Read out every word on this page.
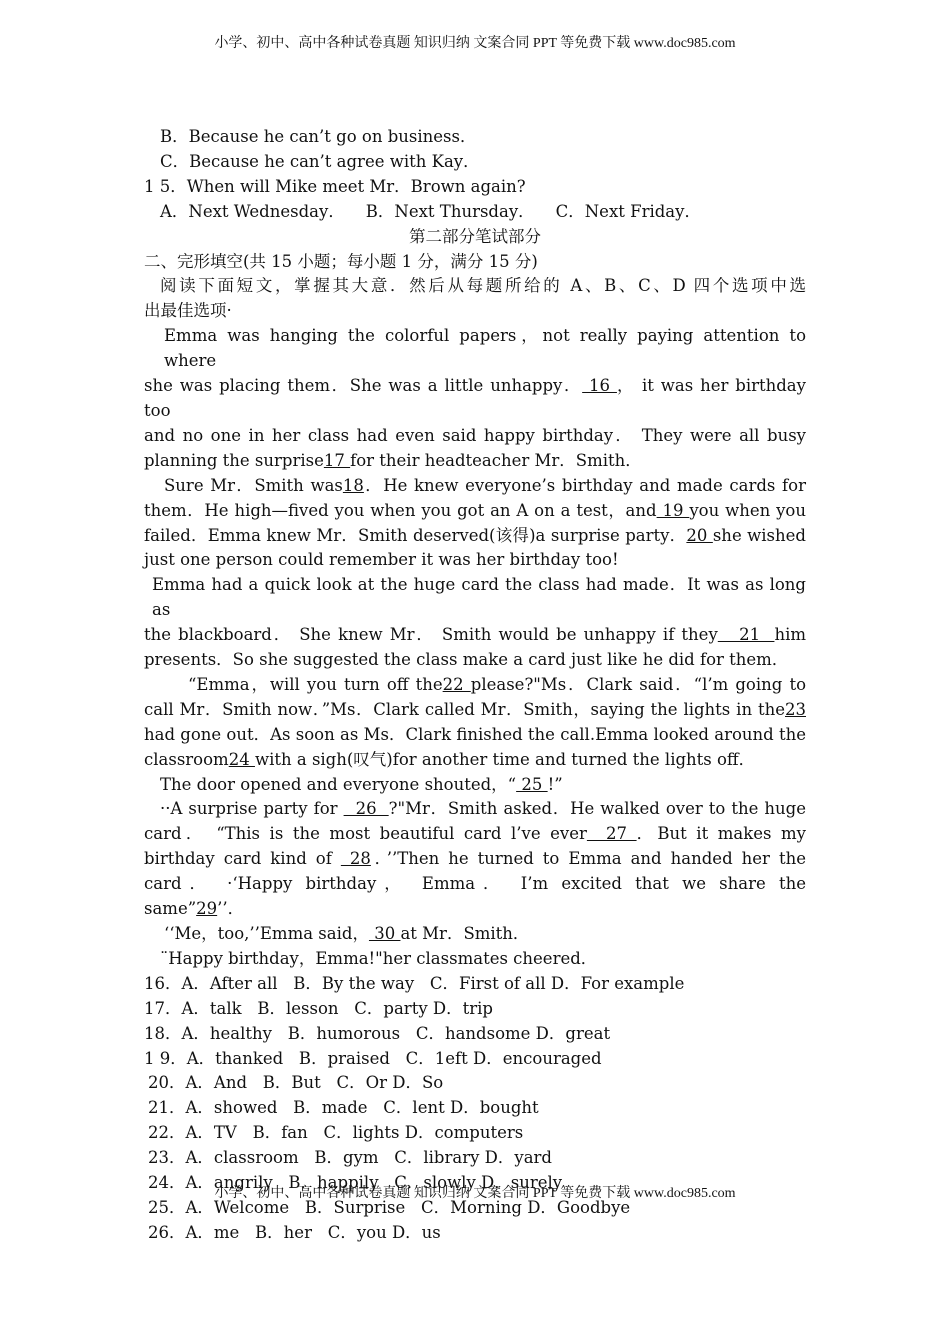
小学、初中、高中各种试卷真题 知识归纳 文案合同 PPT 等免费下载 www.doc985.com

B．Because he can’t go on business．

C．Because he can’t agree with Kay．

1 5．When will Mike meet Mr．Brown again?

A．Next Wednesday．    B．Next Thursday．    C．Next Friday．

第二部分笔试部分

二、完形填空(共 15 小题；每小题 1 分，满分 15 分)

阅读下面短文，掌握其大意．然后从每题所给的 A、B、C、D 四个选项中选

出最佳选项·

Emma was hanging the colorful papers，not really paying attention to where

she was placing them．She was a little unhappy． 16 ， it was her birthday too

and no one in her class had even said happy birthday． They were all busy

planning the surprise17 for their headteacher Mr．Smith．

Sure Mr．Smith was18．He knew everyone’s birthday and made cards for

them．He high—fived you when you got an A on a test，and 19 you when you

failed．Emma knew Mr．Smith deserved(该得)a surprise party．20 she wished

just one person could remember it was her birthday too!

Emma had a quick look at the huge card the class had made．It was as long as

the blackboard． She knew Mr． Smith would be unhappy if they   21  him

presents．So she suggested the class make a card just like he did for them．

“Emma，will you turn off the22 please?"Ms．Clark said．“l’m going to

call Mr．Smith now．”Ms．Clark called Mr．Smith，saying the lights in the23

had gone out．As soon as Ms．Clark finished the call.Emma looked around the

classroom24 with a sigh(叹气)for another time and turned the lights off．

The door opened and everyone shouted，“ 25 !”

··A surprise party for   26  ?"Mr．Smith asked．He walked over to the huge

card． “This is the most beautiful card l’ve ever  27 ．But it makes my

birthday card kind of  28．’’Then he turned to Emma and handed her the

card． ·‘Happy birthday， Emma． I’m excited that we share the

same”29’’．

‘‘Me，too,’’Emma said， 30 at Mr．Smith．

¨Happy birthday，Emma!"her classmates cheered．

16．A．After all   B．By the way   C．First of all D．For example

17．A．talk   B．lesson   C．party D．trip

18．A．healthy   B．humorous   C．handsome D．great

1 9．A．thanked   B．praised   C．1eft D．encouraged

20．A．And   B．But   C．Or D．So

21．A．showed   B．made   C．lent D．bought

22．A．TV   B．fan   C．lights D．computers

23．A．classroom   B．gym   C．library D．yard

24．A．angrily   B．happily   C．slowly D．surely

25．A．Welcome   B．Surprise   C．Morning D．Goodbye

26．A．me   B．her   C．you D．us

小学、初中、高中各种试卷真题 知识归纳 文案合同 PPT 等免费下载 www.doc985.com
